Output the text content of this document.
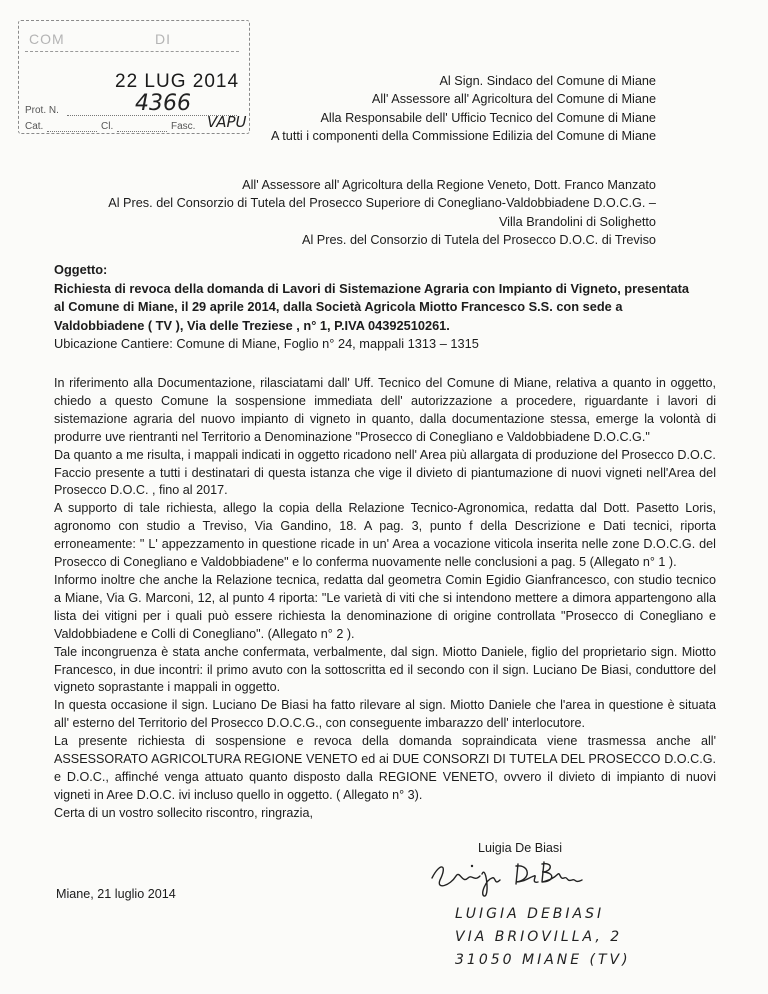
COM	DI
22 LUG 2014
Prot. N.	4366
Cat.	Cl.	Fasc. VAPU
Al Sign. Sindaco del Comune di Miane
All' Assessore all' Agricoltura del Comune di Miane
Alla Responsabile dell' Ufficio Tecnico del Comune di Miane
A tutti i componenti della Commissione Edilizia del Comune di Miane
All' Assessore all' Agricoltura della Regione Veneto, Dott. Franco Manzato
Al Pres. del Consorzio di Tutela del Prosecco Superiore di Conegliano-Valdobbiadene D.O.C.G. –
Villa Brandolini di Solighetto
Al Pres. del Consorzio di Tutela del Prosecco D.O.C. di Treviso
Oggetto:
Richiesta di revoca della domanda di Lavori di Sistemazione Agraria con Impianto di Vigneto, presentata
al Comune di Miane, il 29 aprile 2014, dalla Società Agricola Miotto Francesco S.S. con sede a
Valdobbiadene ( TV ), Via delle Treziese , n° 1, P.IVA 04392510261.
Ubicazione Cantiere: Comune di Miane, Foglio n° 24, mappali 1313 – 1315

In riferimento alla Documentazione, rilasciatami dall' Uff. Tecnico del Comune di Miane, relativa a quanto in oggetto, chiedo a questo Comune la sospensione immediata dell' autorizzazione a procedere, riguardante i lavori di sistemazione agraria del nuovo impianto di vigneto in quanto, dalla documentazione stessa, emerge la volontà di produrre uve rientranti nel Territorio a Denominazione "Prosecco di Conegliano e Valdobbiadene D.O.C.G."

Da quanto a me risulta, i mappali indicati in oggetto ricadono nell' Area più allargata di produzione del Prosecco D.O.C.

Faccio presente a tutti i destinatari di questa istanza che vige il divieto di piantumazione di nuovi vigneti nell'Area del Prosecco D.O.C. , fino al 2017.

A supporto di tale richiesta, allego la copia della Relazione Tecnico-Agronomica, redatta dal Dott. Pasetto Loris, agronomo con studio a Treviso, Via Gandino, 18. A pag. 3, punto f della Descrizione e Dati tecnici, riporta erroneamente: " L' appezzamento in questione ricade in un' Area a vocazione viticola inserita nelle zone D.O.C.G. del Prosecco di Conegliano e Valdobbiadene" e lo conferma nuovamente nelle conclusioni a pag. 5 (Allegato n° 1 ).

Informo inoltre che anche la Relazione tecnica, redatta dal geometra Comin Egidio Gianfrancesco, con studio tecnico a Miane, Via G. Marconi, 12, al punto 4 riporta: "Le varietà di viti che si intendono mettere a dimora appartengono alla lista dei vitigni per i quali può essere richiesta la denominazione di origine controllata "Prosecco di Conegliano e Valdobbiadene e Colli di Conegliano". (Allegato n° 2 ).

Tale incongruenza è stata anche confermata, verbalmente, dal sign. Miotto Daniele, figlio del proprietario sign. Miotto Francesco, in due incontri: il primo avuto con la sottoscritta ed il secondo con il sign. Luciano De Biasi, conduttore del vigneto soprastante i mappali in oggetto.

In questa occasione il sign. Luciano De Biasi ha fatto rilevare al sign. Miotto Daniele che l'area in questione è situata all' esterno del Territorio del Prosecco D.O.C.G., con conseguente imbarazzo dell' interlocutore.

La presente richiesta di sospensione e revoca della domanda sopraindicata viene trasmessa anche all' ASSESSORATO AGRICOLTURA REGIONE VENETO ed ai DUE CONSORZI DI TUTELA DEL PROSECCO D.O.C.G. e D.O.C., affinché venga attuato quanto disposto dalla REGIONE VENETO, ovvero il divieto di impianto di nuovi vigneti in Aree D.O.C. ivi incluso quello in oggetto. ( Allegato n° 3).

Certa di un vostro sollecito riscontro, ringrazia,

Luigia De Biasi
Miane, 21 luglio 2014
LUIGIA DEBIASI
VIA BRIOVILLA, 2
31050 MIANE (TV)
